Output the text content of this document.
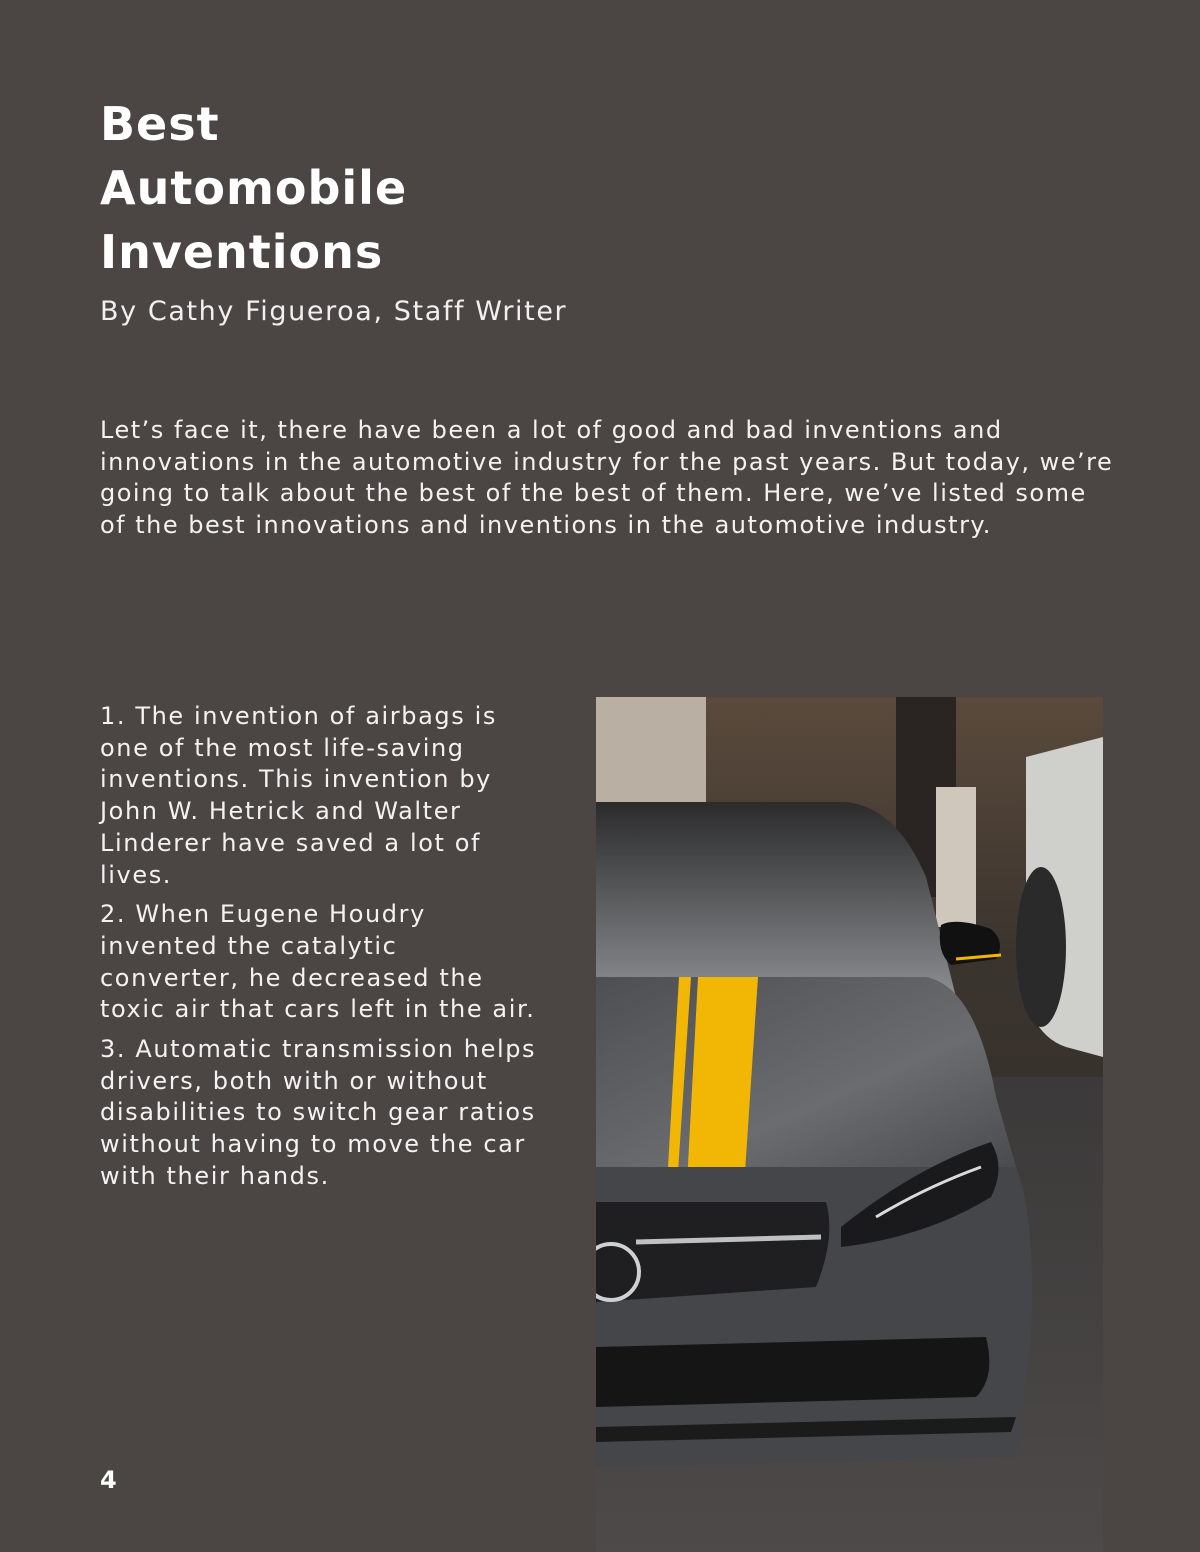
Best
Automobile
Inventions
By Cathy Figueroa, Staff Writer

Let’s face it, there have been a lot of good and bad inventions and innovations in the automotive industry for the past years. But today, we’re going to talk about the best of the best of them. Here, we’ve listed some of the best innovations and inventions in the automotive industry.

1. The invention of airbags is one of the most life-saving inventions. This invention by John W. Hetrick and Walter Linderer have saved a lot of lives.

2. When Eugene Houdry invented the catalytic converter, he decreased the toxic air that cars left in the air.

3. Automatic transmission helps drivers, both with or without disabilities to switch gear ratios without having to move the car with their hands.

4
